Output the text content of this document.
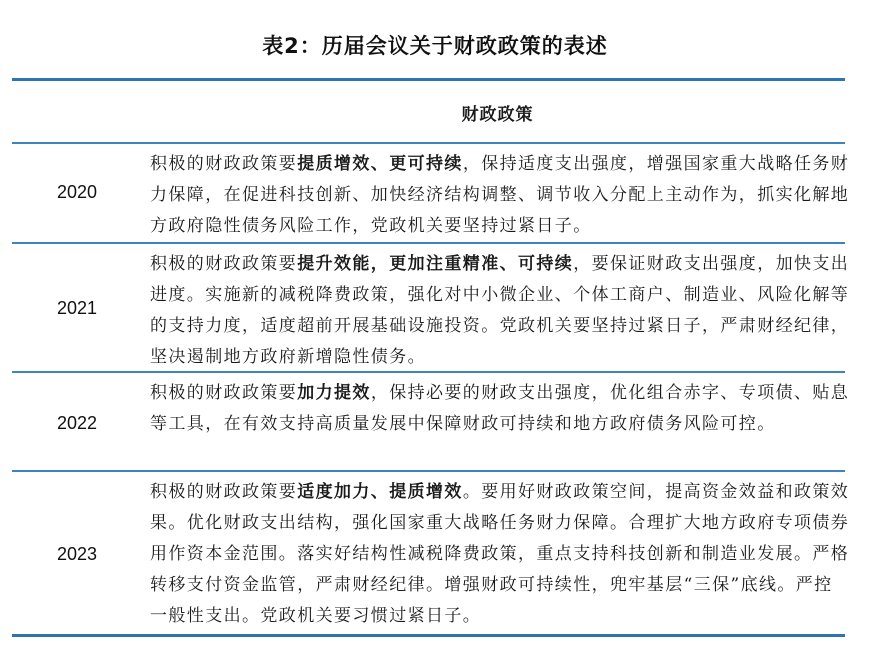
表2：历届会议关于财政政策的表述
财政政策
2020
积极的财政政策要提质增效、更可持续，保持适度支出强度，增强国家重大战略任务财力保障，在促进科技创新、加快经济结构调整、调节收入分配上主动作为，抓实化解地方政府隐性债务风险工作，党政机关要坚持过紧日子。
2021
积极的财政政策要提升效能，更加注重精准、可持续，要保证财政支出强度，加快支出进度。实施新的减税降费政策，强化对中小微企业、个体工商户、制造业、风险化解等的支持力度，适度超前开展基础设施投资。党政机关要坚持过紧日子，严肃财经纪律，坚决遏制地方政府新增隐性债务。
2022
积极的财政政策要加力提效，保持必要的财政支出强度，优化组合赤字、专项债、贴息等工具，在有效支持高质量发展中保障财政可持续和地方政府债务风险可控。
2023
积极的财政政策要适度加力、提质增效。要用好财政政策空间，提高资金效益和政策效果。优化财政支出结构，强化国家重大战略任务财力保障。合理扩大地方政府专项债券用作资本金范围。落实好结构性减税降费政策，重点支持科技创新和制造业发展。严格转移支付资金监管，严肃财经纪律。增强财政可持续性，兜牢基层“三保”底线。严控一般性支出。党政机关要习惯过紧日子。
